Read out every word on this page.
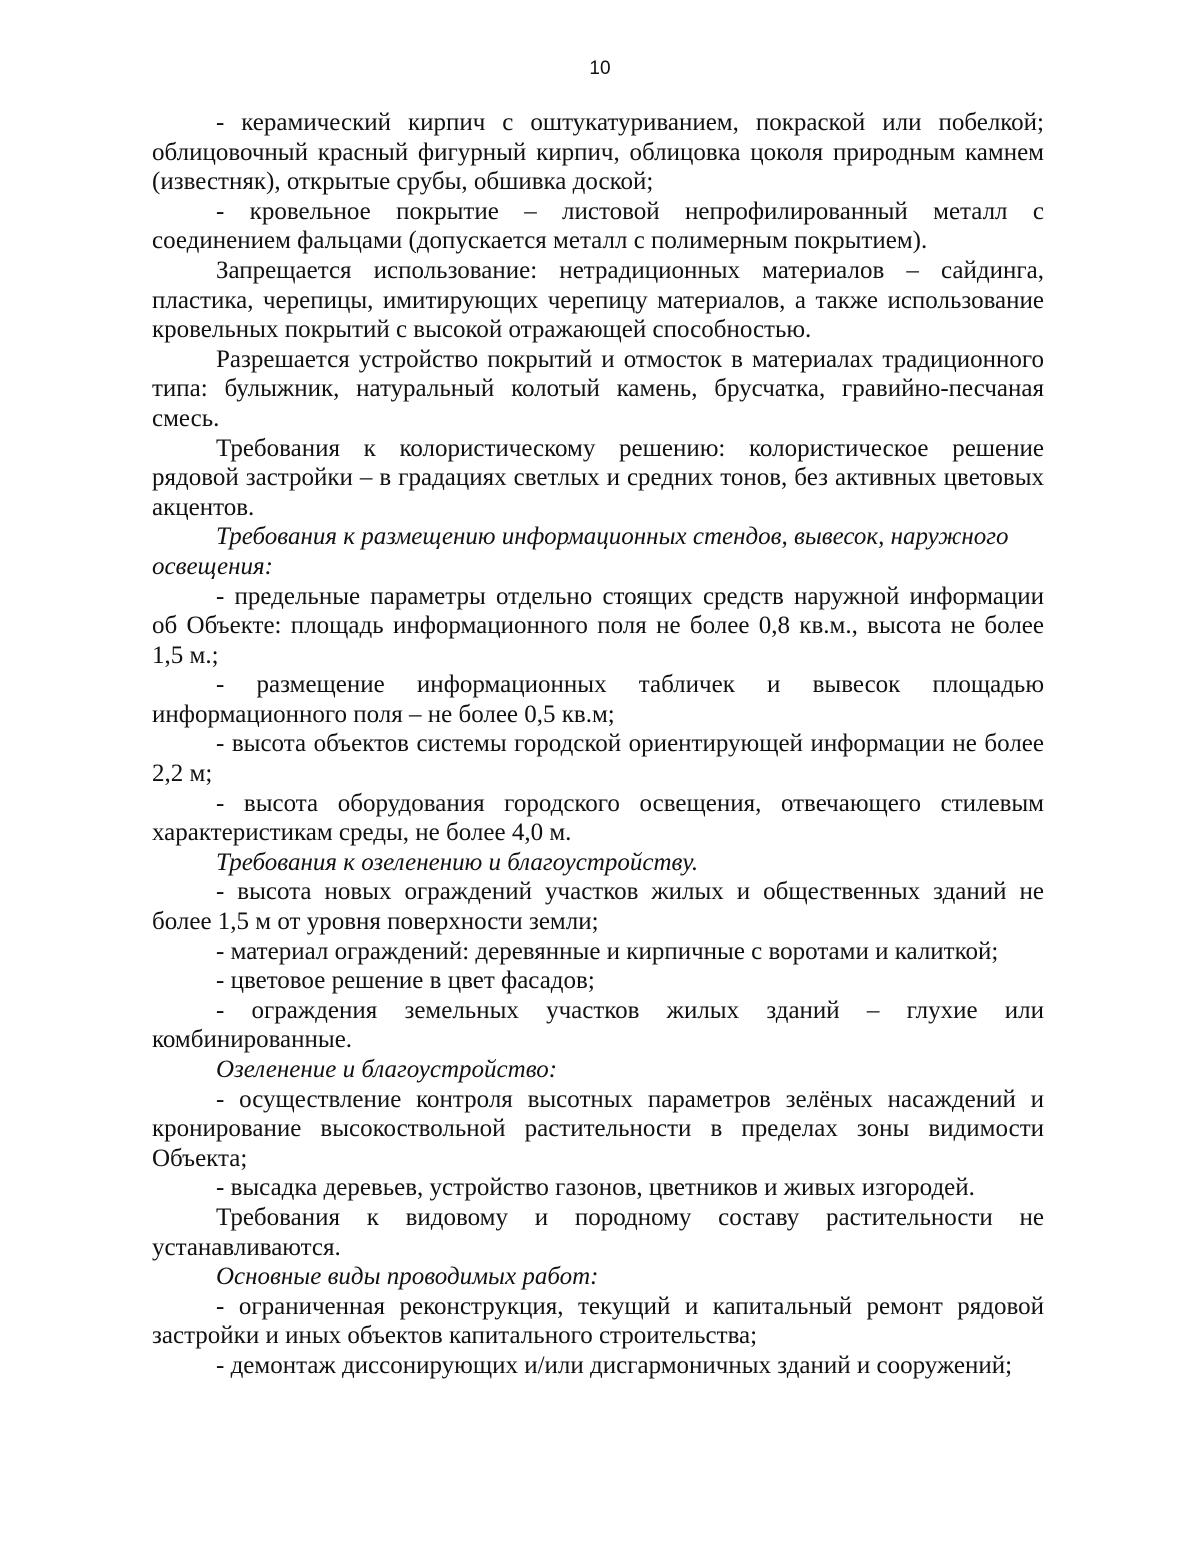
10

- керамический кирпич с оштукатуриванием, покраской или побелкой; облицовочный красный фигурный кирпич, облицовка цоколя природным камнем (известняк), открытые срубы, обшивка доской;

- кровельное покрытие – листовой непрофилированный металл с соединением фальцами (допускается металл с полимерным покрытием).

Запрещается использование: нетрадиционных материалов – сайдинга, пластика, черепицы, имитирующих черепицу материалов, а также использование кровельных покрытий с высокой отражающей способностью.

Разрешается устройство покрытий и отмосток в материалах традиционного типа: булыжник, натуральный колотый камень, брусчатка, гравийно-песчаная смесь.

Требования к колористическому решению: колористическое решение рядовой застройки – в градациях светлых и средних тонов, без активных цветовых акцентов.

Требования к размещению информационных стендов, вывесок, наружного освещения:

- предельные параметры отдельно стоящих средств наружной информации об Объекте: площадь информационного поля не более 0,8 кв.м., высота не более 1,5 м.;

- размещение информационных табличек и вывесок площадью информационного поля – не более 0,5 кв.м;

- высота объектов системы городской ориентирующей информации не более 2,2 м;

- высота оборудования городского освещения, отвечающего стилевым характеристикам среды, не более 4,0 м.

Требования к озеленению и благоустройству.

- высота новых ограждений участков жилых и общественных зданий не более 1,5 м от уровня поверхности земли;

- материал ограждений: деревянные и кирпичные с воротами и калиткой;

- цветовое решение в цвет фасадов;

- ограждения земельных участков жилых зданий – глухие или комбинированные.

Озеленение и благоустройство:

- осуществление контроля высотных параметров зелёных насаждений и кронирование высокоствольной растительности в пределах зоны видимости Объекта;

- высадка деревьев, устройство газонов, цветников и живых изгородей.

Требования к видовому и породному составу растительности не устанавливаются.

Основные виды проводимых работ:

- ограниченная реконструкция, текущий и капитальный ремонт рядовой застройки и иных объектов капитального строительства;

- демонтаж диссонирующих и/или дисгармоничных зданий и сооружений;
